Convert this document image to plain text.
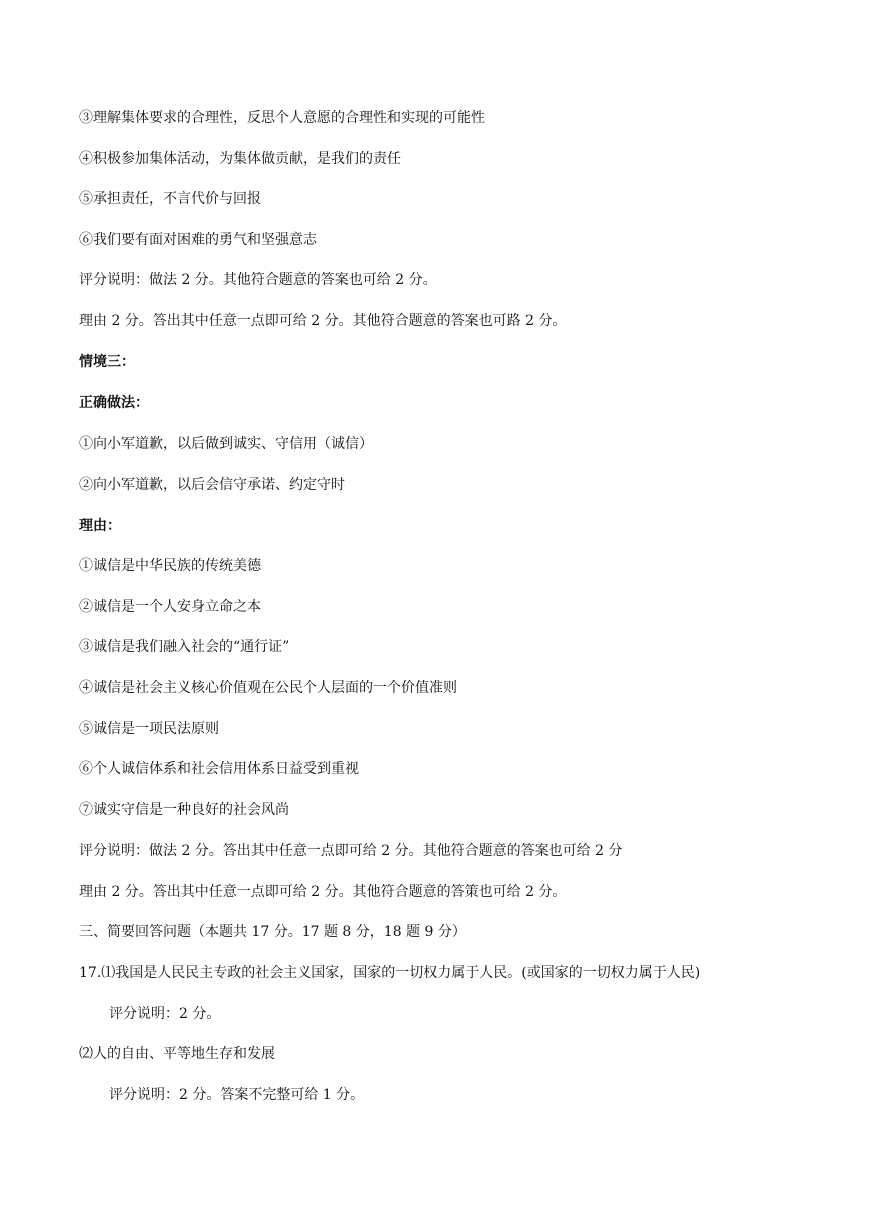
③理解集体要求的合理性，反思个人意愿的合理性和实现的可能性
④积极参加集体活动，为集体做贡献，是我们的责任
⑤承担责任，不言代价与回报
⑥我们要有面对困难的勇气和坚强意志
评分说明：做法 2 分。其他符合题意的答案也可给 2 分。
理由 2 分。答出其中任意一点即可给 2 分。其他符合题意的答案也可路 2 分。
情境三：
正确做法：
①向小军道歉，以后做到诚实、守信用（诚信）
②向小军道歉，以后会信守承诺、约定守时
理由：
①诚信是中华民族的传统美德
②诚信是一个人安身立命之本
③诚信是我们融入社会的“通行证”
④诚信是社会主义核心价值观在公民个人层面的一个价值准则
⑤诚信是一项民法原则
⑥个人诚信体系和社会信用体系日益受到重视
⑦诚实守信是一种良好的社会风尚
评分说明：做法 2 分。答出其中任意一点即可给 2 分。其他符合题意的答案也可给 2 分
理由 2 分。答出其中任意一点即可给 2 分。其他符合题意的答策也可给 2 分。
三、简要回答问题（本题共 17 分。17 题 8 分，18 题 9 分）
17.⑴我国是人民民主专政的社会主义国家，国家的一切权力属于人民。(或国家的一切权力属于人民)
评分说明：2 分。
⑵人的自由、平等地生存和发展
评分说明：2 分。答案不完整可给 1 分。
